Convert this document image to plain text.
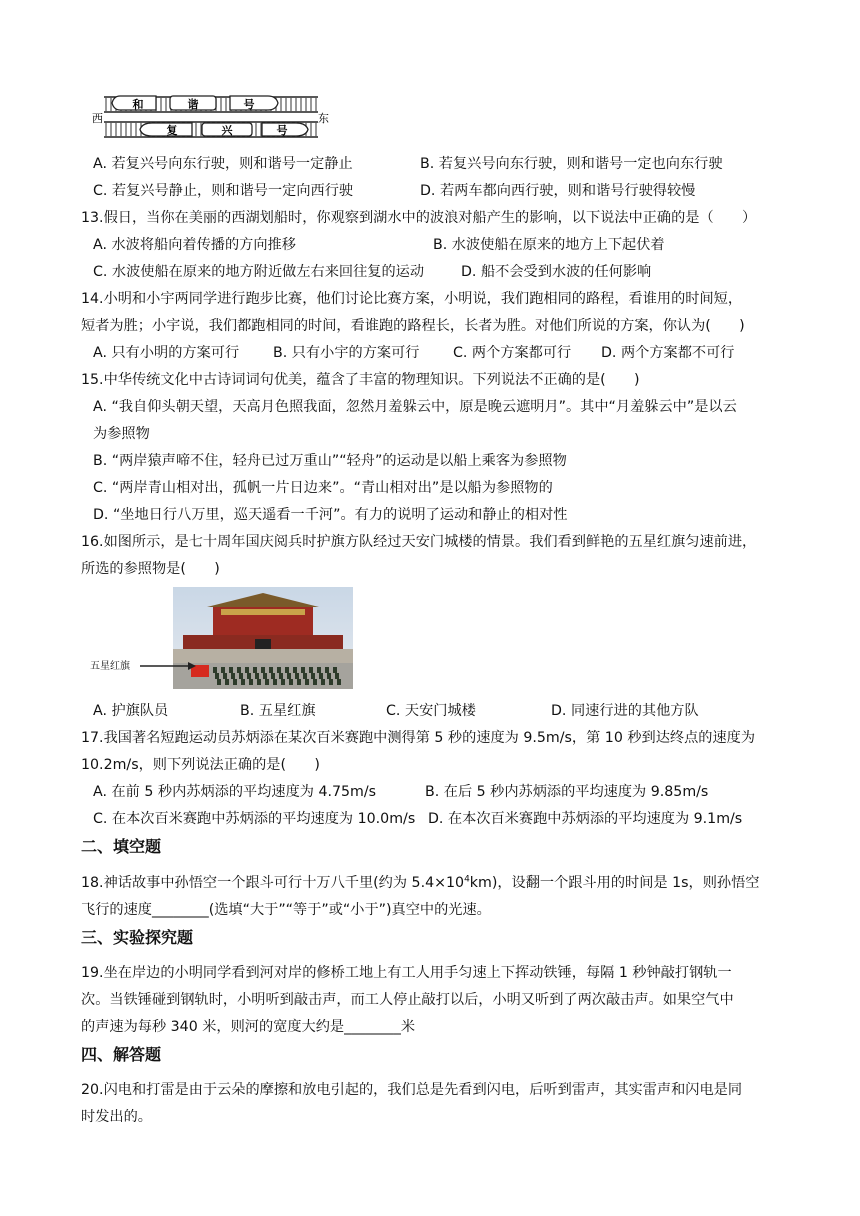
和	谐	号
复	兴	号
西	东
A. 若复兴号向东行驶，则和谐号一定静止	B. 若复兴号向东行驶，则和谐号一定也向东行驶
C. 若复兴号静止，则和谐号一定向西行驶	D. 若两车都向西行驶，则和谐号行驶得较慢
13.假日，当你在美丽的西湖划船时，你观察到湖水中的波浪对船产生的影响，以下说法中正确的是（　　）
A. 水波将船向着传播的方向推移	B. 水波使船在原来的地方上下起伏着
C. 水波使船在原来的地方附近做左右来回往复的运动	D. 船不会受到水波的任何影响
14.小明和小宇两同学进行跑步比赛，他们讨论比赛方案，小明说，我们跑相同的路程，看谁用的时间短，
短者为胜；小宇说，我们都跑相同的时间，看谁跑的路程长，长者为胜。对他们所说的方案，你认为(　　)
A. 只有小明的方案可行 B. 只有小宇的方案可行 C. 两个方案都可行 D. 两个方案都不可行
15.中华传统文化中古诗词词句优美，蕴含了丰富的物理知识。下列说法不正确的是(　　)
A. “我自仰头朝天望，天高月色照我面，忽然月羞躲云中，原是晚云遮明月”。其中“月羞躲云中”是以云
为参照物
B. “两岸猿声啼不住，轻舟已过万重山”“轻舟”的运动是以船上乘客为参照物
C. “两岸青山相对出，孤帆一片日边来”。“青山相对出”是以船为参照物的
D. “坐地日行八万里，巡天遥看一千河”。有力的说明了运动和静止的相对性
16.如图所示，是七十周年国庆阅兵时护旗方队经过天安门城楼的情景。我们看到鲜艳的五星红旗匀速前进，
所选的参照物是(　　)
五星红旗
A. 护旗队员	B. 五星红旗	C. 天安门城楼	D. 同速行进的其他方队
17.我国著名短跑运动员苏炳添在某次百米赛跑中测得第 5 秒的速度为 9.5m/s，第 10 秒到达终点的速度为
10.2m/s，则下列说法正确的是(　　)
A. 在前 5 秒内苏炳添的平均速度为 4.75m/s	B. 在后 5 秒内苏炳添的平均速度为 9.85m/s
C. 在本次百米赛跑中苏炳添的平均速度为 10.0m/s D. 在本次百米赛跑中苏炳添的平均速度为 9.1m/s
二、填空题
18.神话故事中孙悟空一个跟斗可行十万八千里(约为 $5.4\times 10^4km$)，设翻一个跟斗用的时间是 1s，则孙悟空
飞行的速度________(选填“大于”“等于”或“小于”)真空中的光速。
三、实验探究题
19.坐在岸边的小明同学看到河对岸的修桥工地上有工人用手匀速上下挥动铁锤，每隔 1 秒钟敲打钢轨一
次。当铁锤碰到钢轨时，小明听到敲击声，而工人停止敲打以后，小明又听到了两次敲击声。如果空气中
的声速为每秒 340 米，则河的宽度大约是________米
四、解答题
20.闪电和打雷是由于云朵的摩擦和放电引起的，我们总是先看到闪电，后听到雷声，其实雷声和闪电是同
时发出的。
